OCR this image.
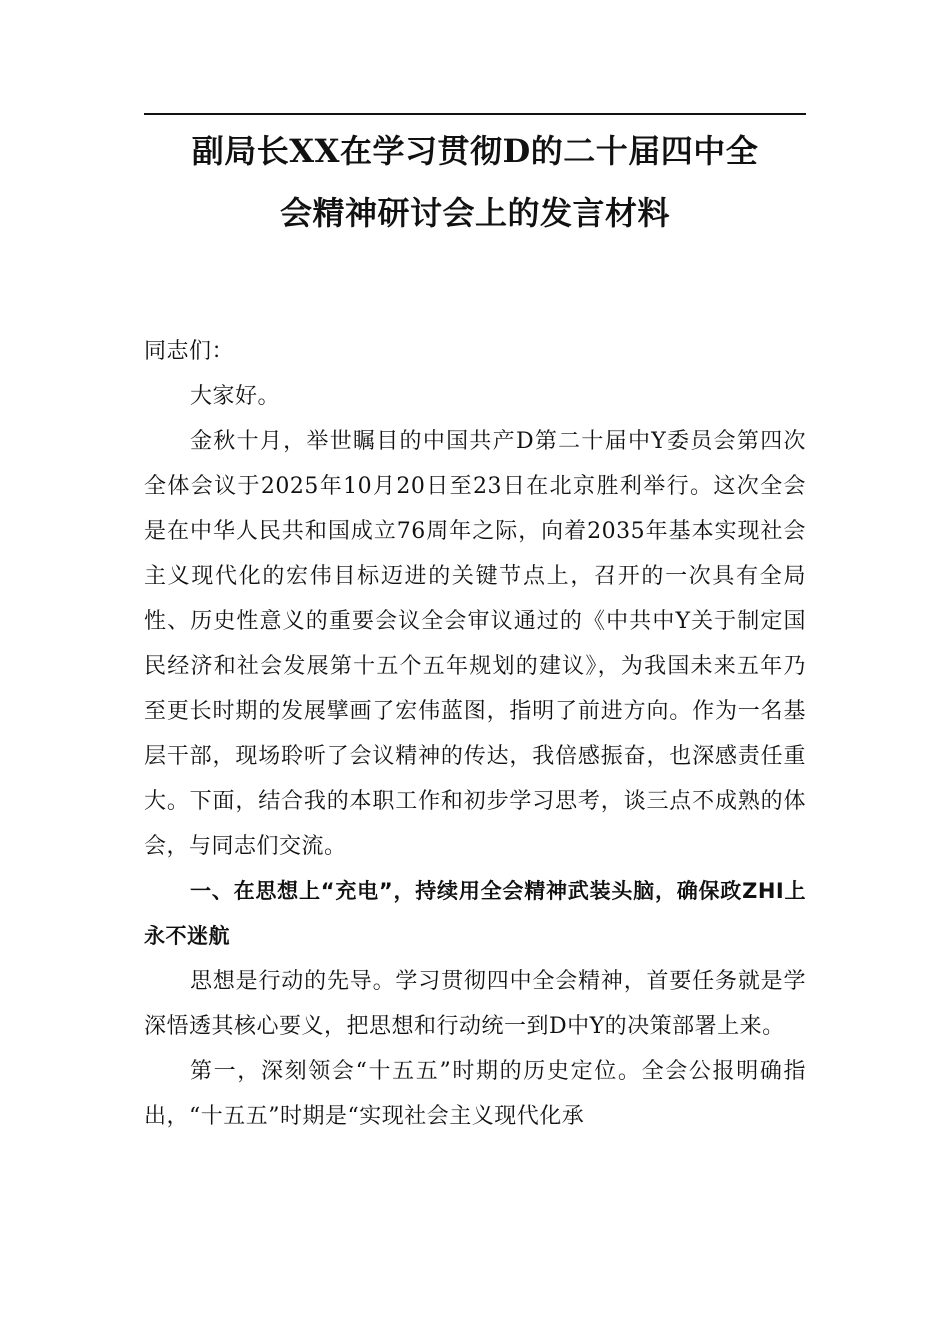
副局长XX在学习贯彻D的二十届四中全
会精神研讨会上的发言材料

同志们：

大家好。

金秋十月，举世瞩目的中国共产D第二十届中Y委员会第四次全体会议于2025年10月20日至23日在北京胜利举行。这次全会是在中华人民共和国成立76周年之际，向着2035年基本实现社会主义现代化的宏伟目标迈进的关键节点上，召开的一次具有全局性、历史性意义的重要会议全会审议通过的《中共中Y关于制定国民经济和社会发展第十五个五年规划的建议》，为我国未来五年乃至更长时期的发展擘画了宏伟蓝图，指明了前进方向。作为一名基层干部，现场聆听了会议精神的传达，我倍感振奋，也深感责任重大。下面，结合我的本职工作和初步学习思考，谈三点不成熟的体会，与同志们交流。

一、在思想上“充电”，持续用全会精神武装头脑，确保政ZHI上永不迷航

思想是行动的先导。学习贯彻四中全会精神，首要任务就是学深悟透其核心要义，把思想和行动统一到D中Y的决策部署上来。

第一，深刻领会“十五五”时期的历史定位。全会公报明确指出，“十五五”时期是“实现社会主义现代化承
